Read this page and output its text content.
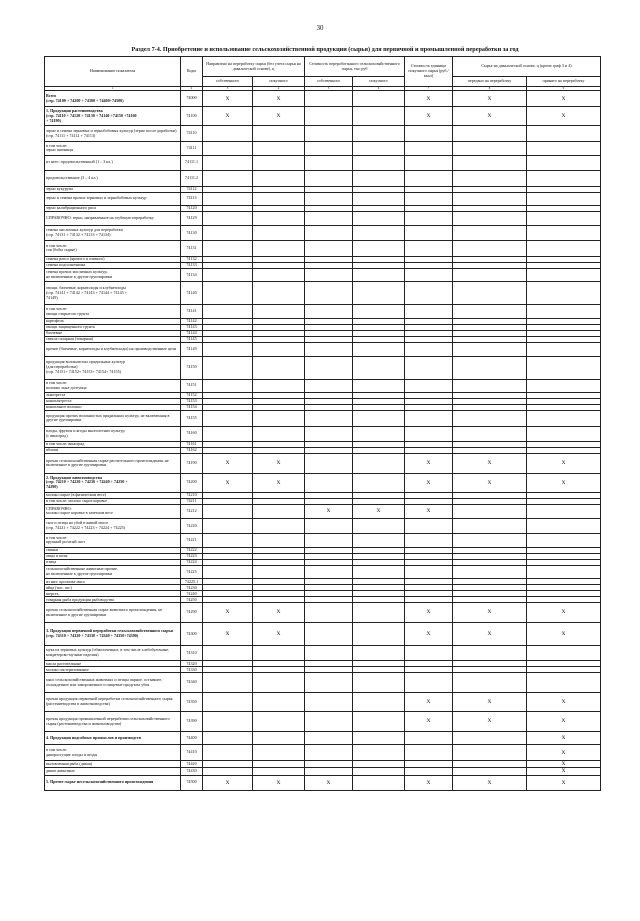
30
Раздел 7-4. Приобретение и использование сельскохозяйственной продукции (сырья) для первичной и промышленной переработки за год
Наименование показателя	Коды	Направлено на переработку сырья (без учета сырья на давальческой основе), ц		Стоимость переработанного сельскохозяйственного сырья, тыс.руб		Стоимость единицы покупного сырья (руб./ккал)	Сырье на давальческой основе, ц (кроме граф 3 и 4)	
		собственного	покупного	собственного	покупного		передано на переработку	принято на переработку
1	2	3	4	5	6	7	8	9
Всего
(стр. 74100 + 74200 + 74300 + 74400+74500)	74000	X	X			X	X	X
1. Продукция растениеводства
(стр. 74110 + 74120 + 74130 + 74140 +74150 +74160
+ 74190)	74100	X	X			X	X	X
зерно и семена зерновых и зернобобовых культур (зерно после доработки)
(стр. 74111 + 74112 + 74113)	74110							
в том числе:
зерно пшеницы	74111							
из него: продовольственной (1 – 3 кл.)	74111.1							
продовольственное (3 – 4 кл.)	74111.2							
зерно кукурузы	74112							
зерно и семена прочих зерновых и зернобобовых культур	74113							
зерно калибрационного риса	74120							
СПРАВОЧНО: зерно, направленное на глубокую переработку	74129							
семена масличных культур для переработки
(стр. 74131 + 74132 + 74133 + 74134)	74130							
в том числе:
соя (бобы сырые)	74131							
семена рапса (ярового и озимого)	74132							
семена подсолнечника	74133							
семена прочих масличных культур,
не включенные в другие группировки	74134							
овощи, бахчевые, корнеплоды и клубнеплоды
(стр. 74141 + 74142 + 74143 + 74144 + 74145 +
74149)	74140							
в том числе:
овощи открытого грунта	74141							
картофель	74142							
овощи защищенного грунта	74143							
бахчевые	74144							
свекла сахарная (товарная)	74145							
прочие (бахчевые, корнеплоды и клубнеплоды) на производственные цели	74149							
продукция волокнистых прядильных культур
(для переработки)
(стр. 74151+ 74152+ 74153+ 74154+ 74155)	74150							
в том числе:
волокно льна-долгунца	74151							
льнотреста	74152							
коноплятреста	74153							
конопляное волокно	74154							
продукция прочих волокнистых прядильных культур, не включенная в другие группировки	74155							
плоды, фрукты и ягоды многолетних культур
(с виноград)	74160							
в том числе: виноград	74161							
яблоки	74162							
прочая сельскохозяйственная сырье растительного происхождения, не включенное в другие группировки	74190	X	X			X	X	X
2. Продукция животноводства
(стр. 74210 + 74220 + 74230 + 74240 + 74250 +
74290)	74200	X	X			X	X	X
молоко сырое (в физическом весе)	74210							
в том числе: молоко сырое коровье	74211							
СПРАВОЧНО:
молоко сырое коровье в зачетном весе	74212			X	X	X		
скот и птица на убой в живой массе
(стр. 74221 + 74222 + 74223 + 74224 + 74225)	74220							
в том числе:
крупный рогатый скот	74221							
свиньи	74222							
овцы и козы	74223							
птица	74224							
сельскохозяйственные животные прочие,
не включенные в другие группировки	74225							
из них: кроличье мясо	74225.1							
яйца (тыс. шт.)	74230							
шерсть	74240							
товарная рыба продукция рыбоводства	74250							
прочая сельскохозяйственная сырье животного происхождения, не включенное в другие группировки	74290	X	X			X	X	X
3. Продукция первичной переработки сельскохозяйственного сырья
(стр. 74310 + 74320 + 74330 + 74340 + 74350+74390)	74300	X	X			X	X	X
мука из зерновых культур (обмолоченное, в том числе хлебобулочные, кондитерско-мучные изделия)	74310							
масла растительные	74320							
молоко пастеризованное	74330							
мясо сельскохозяйственных животных и птицы парное, остывшее, охлажденное или замороженное и пищевые продукты убоя	74340							
прочая продукция первичной переработки сельскохозяйственного сырья (растениеводства и животноводства)	74350					X	X	X
прочая продукция промышленной переработки сельскохозяйственного сырья (растениеводства и животноводства)	74390					X	X	X
4. Продукция подсобных промыслов и производств	74400							X
в том числе:
дикорастущие плоды и ягоды	74410							X
выловленная рыба (дикая)	74420							X
дикие животные	74430							X
5. Прочее сырье несельскохозяйственного происхождения	74500	X	X	X		X	X	X
